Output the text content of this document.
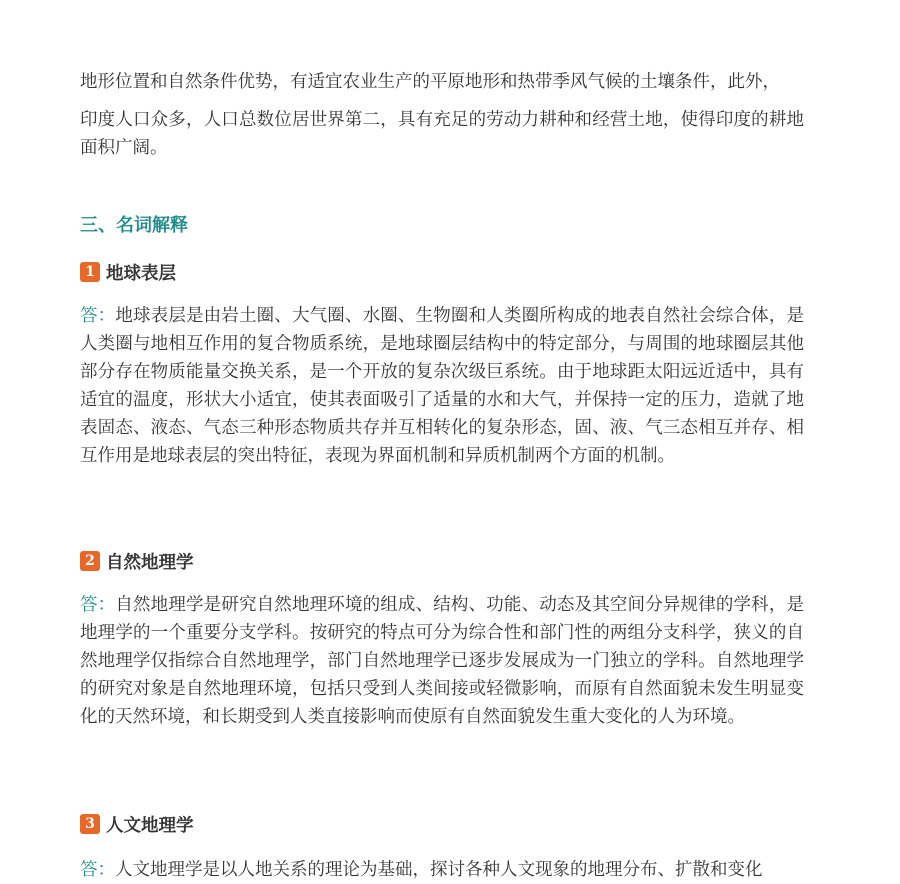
地形位置和自然条件优势，有适宜农业生产的平原地形和热带季风气候的土壤条件，此外，

印度人口众多，人口总数位居世界第二，具有充足的劳动力耕种和经营土地，使得印度的耕地面积广阔。

三、名词解释
1 地球表层

答：地球表层是由岩土圈、大气圈、水圈、生物圈和人类圈所构成的地表自然社会综合体，是人类圈与地相互作用的复合物质系统，是地球圈层结构中的特定部分，与周围的地球圈层其他部分存在物质能量交换关系，是一个开放的复杂次级巨系统。由于地球距太阳远近适中，具有适宜的温度，形状大小适宜，使其表面吸引了适量的水和大气，并保持一定的压力，造就了地表固态、液态、气态三种形态物质共存并互相转化的复杂形态，固、液、气三态相互并存、相互作用是地球表层的突出特征，表现为界面机制和异质机制两个方面的机制。

2 自然地理学

答：自然地理学是研究自然地理环境的组成、结构、功能、动态及其空间分异规律的学科，是地理学的一个重要分支学科。按研究的特点可分为综合性和部门性的两组分支科学，狭义的自然地理学仅指综合自然地理学，部门自然地理学已逐步发展成为一门独立的学科。自然地理学的研究对象是自然地理环境，包括只受到人类间接或轻微影响，而原有自然面貌未发生明显变化的天然环境，和长期受到人类直接影响而使原有自然面貌发生重大变化的人为环境。

3 人文地理学
答：人文地理学是以人地关系的理论为基础，探讨各种人文现象的地理分布、扩散和变化
